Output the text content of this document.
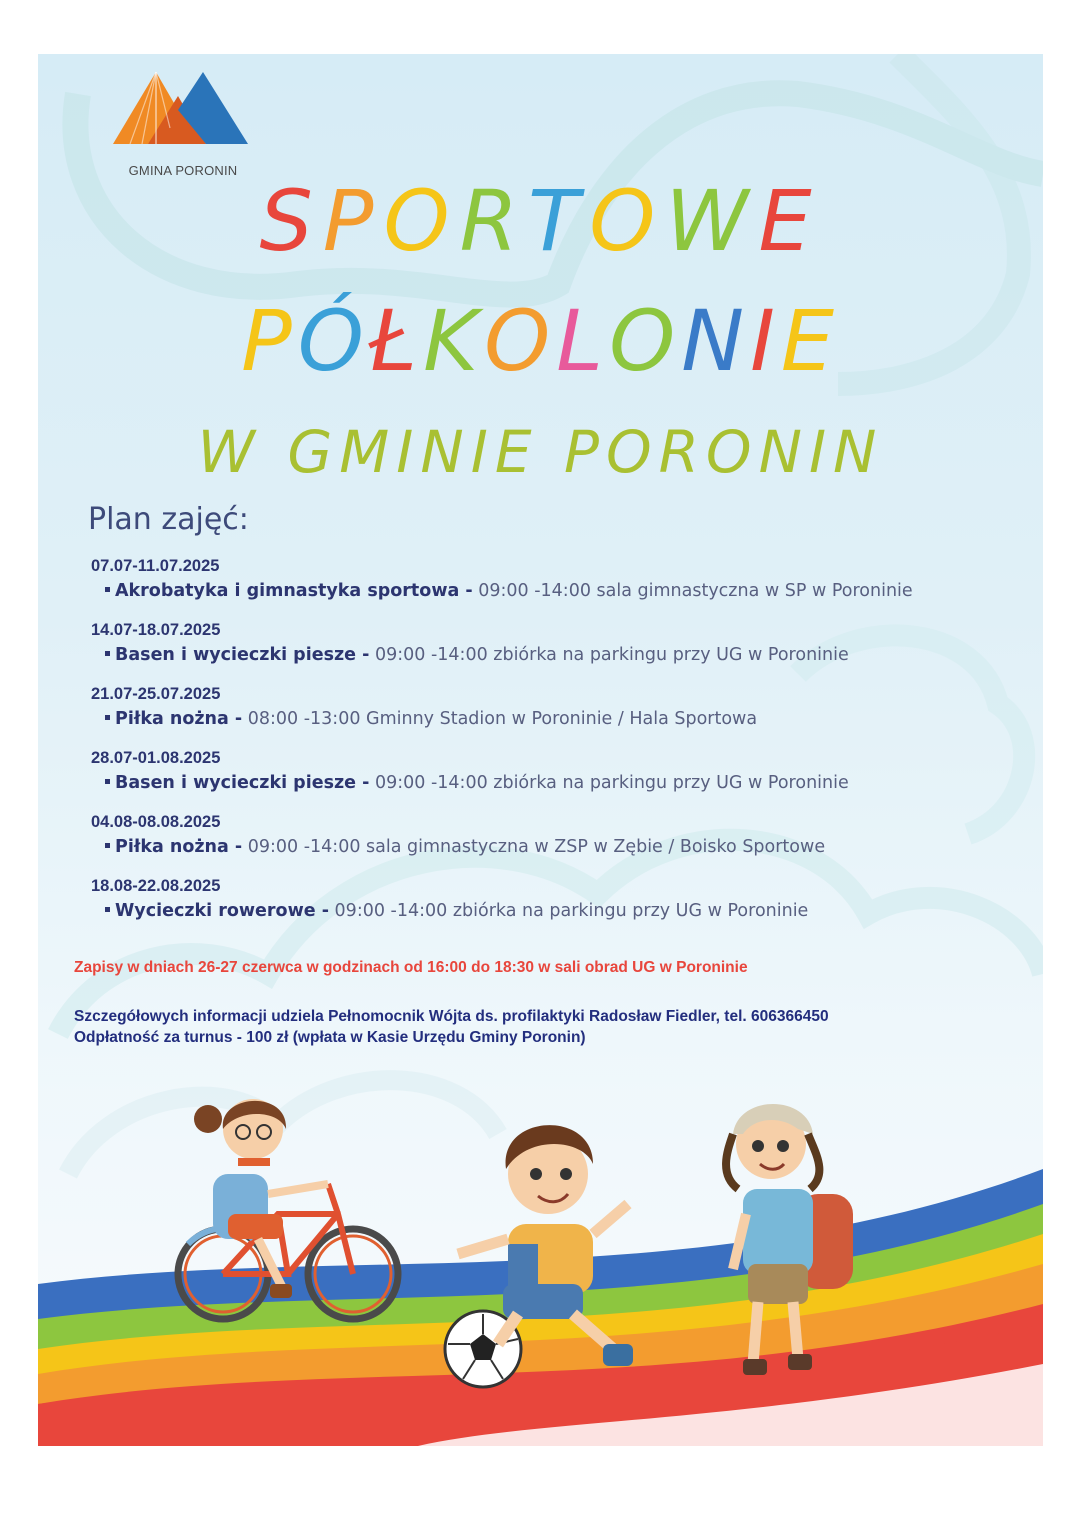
GMINA PORONIN
SPORTOWE
PÓŁKOLONIE
W GMINIE PORONIN
Plan zajęć:
07.07-11.07.2025
Akrobatyka i gimnastyka sportowa - 09:00 -14:00 sala gimnastyczna w SP w Poroninie
14.07-18.07.2025
Basen i wycieczki piesze - 09:00 -14:00 zbiórka na parkingu przy UG w Poroninie
21.07-25.07.2025
Piłka nożna - 08:00 -13:00 Gminny Stadion w Poroninie / Hala Sportowa
28.07-01.08.2025
Basen i wycieczki piesze - 09:00 -14:00 zbiórka na parkingu przy UG w Poroninie
04.08-08.08.2025
Piłka nożna - 09:00 -14:00 sala gimnastyczna w ZSP w Zębie / Boisko Sportowe
18.08-22.08.2025
Wycieczki rowerowe - 09:00 -14:00 zbiórka na parkingu przy UG w Poroninie
Zapisy w dniach 26-27 czerwca w godzinach od 16:00 do 18:30 w sali obrad UG w Poroninie
Szczegółowych informacji udziela Pełnomocnik Wójta ds. profilaktyki Radosław Fiedler, tel. 606366450
Odpłatność za turnus - 100 zł (wpłata w Kasie Urzędu Gminy Poronin)
